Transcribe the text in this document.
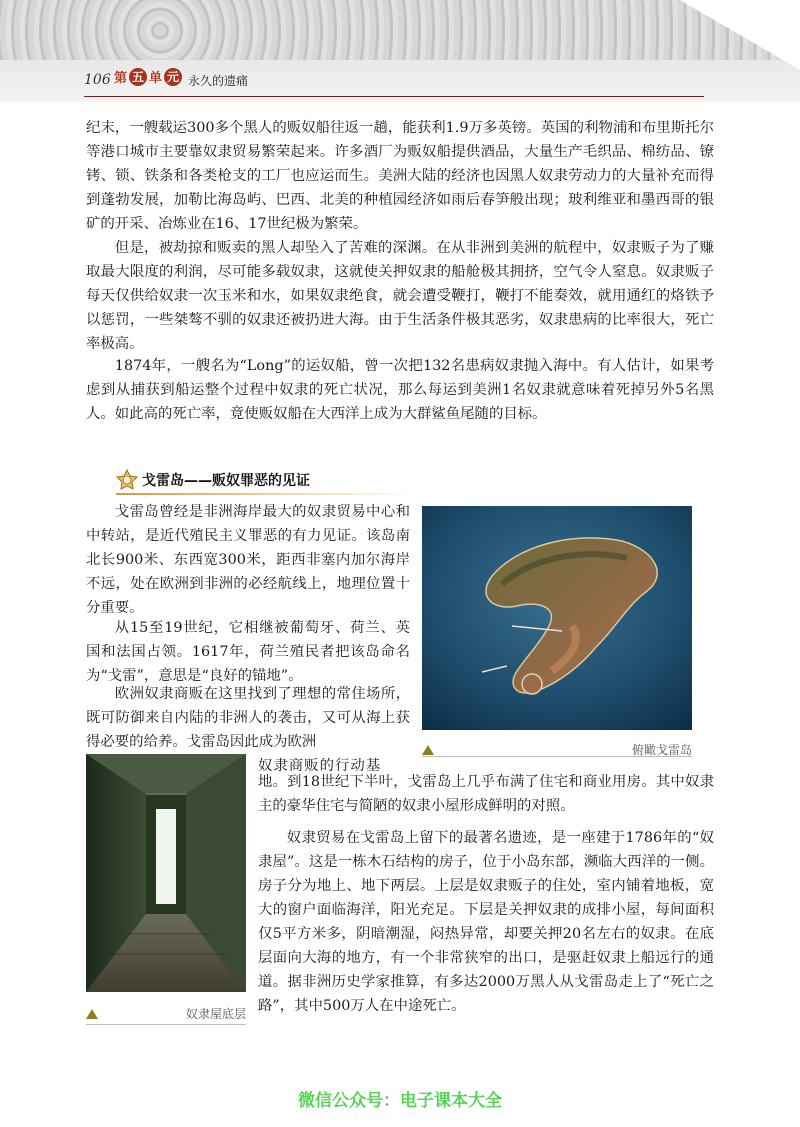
106 第 五 单 元 永久的遗痛

纪末，一艘载运300多个黑人的贩奴船往返一趟，能获利1.9万多英镑。英国的利物浦和布里斯托尔等港口城市主要靠奴隶贸易繁荣起来。许多酒厂为贩奴船提供酒品，大量生产毛织品、棉纺品、镣铐、锁、铁条和各类枪支的工厂也应运而生。美洲大陆的经济也因黑人奴隶劳动力的大量补充而得到蓬勃发展，加勒比海岛屿、巴西、北美的种植园经济如雨后春笋般出现；玻利维亚和墨西哥的银矿的开采、冶炼业在16、17世纪极为繁荣。

但是，被劫掠和贩卖的黑人却坠入了苦难的深渊。在从非洲到美洲的航程中，奴隶贩子为了赚取最大限度的利润，尽可能多载奴隶，这就使关押奴隶的船舱极其拥挤，空气令人窒息。奴隶贩子每天仅供给奴隶一次玉米和水，如果奴隶绝食，就会遭受鞭打，鞭打不能奏效，就用通红的烙铁予以惩罚，一些桀骜不驯的奴隶还被扔进大海。由于生活条件极其恶劣，奴隶患病的比率很大，死亡率极高。

1874年，一艘名为“Long”的运奴船，曾一次把132名患病奴隶抛入海中。有人估计，如果考虑到从捕获到船运整个过程中奴隶的死亡状况，那么每运到美洲1名奴隶就意味着死掉另外5名黑人。如此高的死亡率，竟使贩奴船在大西洋上成为大群鲨鱼尾随的目标。

戈雷岛——贩奴罪恶的见证

戈雷岛曾经是非洲海岸最大的奴隶贸易中心和中转站，是近代殖民主义罪恶的有力见证。该岛南北长900米、东西宽300米，距西非塞内加尔海岸不远，处在欧洲到非洲的必经航线上，地理位置十分重要。

从15至19世纪，它相继被葡萄牙、荷兰、英国和法国占领。1617年，荷兰殖民者把该岛命名为“戈雷”，意思是“良好的锚地”。

欧洲奴隶商贩在这里找到了理想的常住场所，既可防御来自内陆的非洲人的袭击，又可从海上获得必要的给养。戈雷岛因此成为欧洲

奴隶商贩的行动基

地。到18世纪下半叶，戈雷岛上几乎布满了住宅和商业用房。其中奴隶主的豪华住宅与简陋的奴隶小屋形成鲜明的对照。

奴隶贸易在戈雷岛上留下的最著名遗迹，是一座建于1786年的“奴隶屋”。这是一栋木石结构的房子，位于小岛东部，濒临大西洋的一侧。房子分为地上、地下两层。上层是奴隶贩子的住处，室内铺着地板，宽大的窗户面临海洋，阳光充足。下层是关押奴隶的成排小屋，每间面积仅5平方米多，阴暗潮湿，闷热异常，却要关押20名左右的奴隶。在底层面向大海的地方，有一个非常狭窄的出口，是驱赶奴隶上船远行的通道。据非洲历史学家推算，有多达2000万黑人从戈雷岛走上了“死亡之路”，其中500万人在中途死亡。

俯瞰戈雷岛
奴隶屋底层
微信公众号：电子课本大全
